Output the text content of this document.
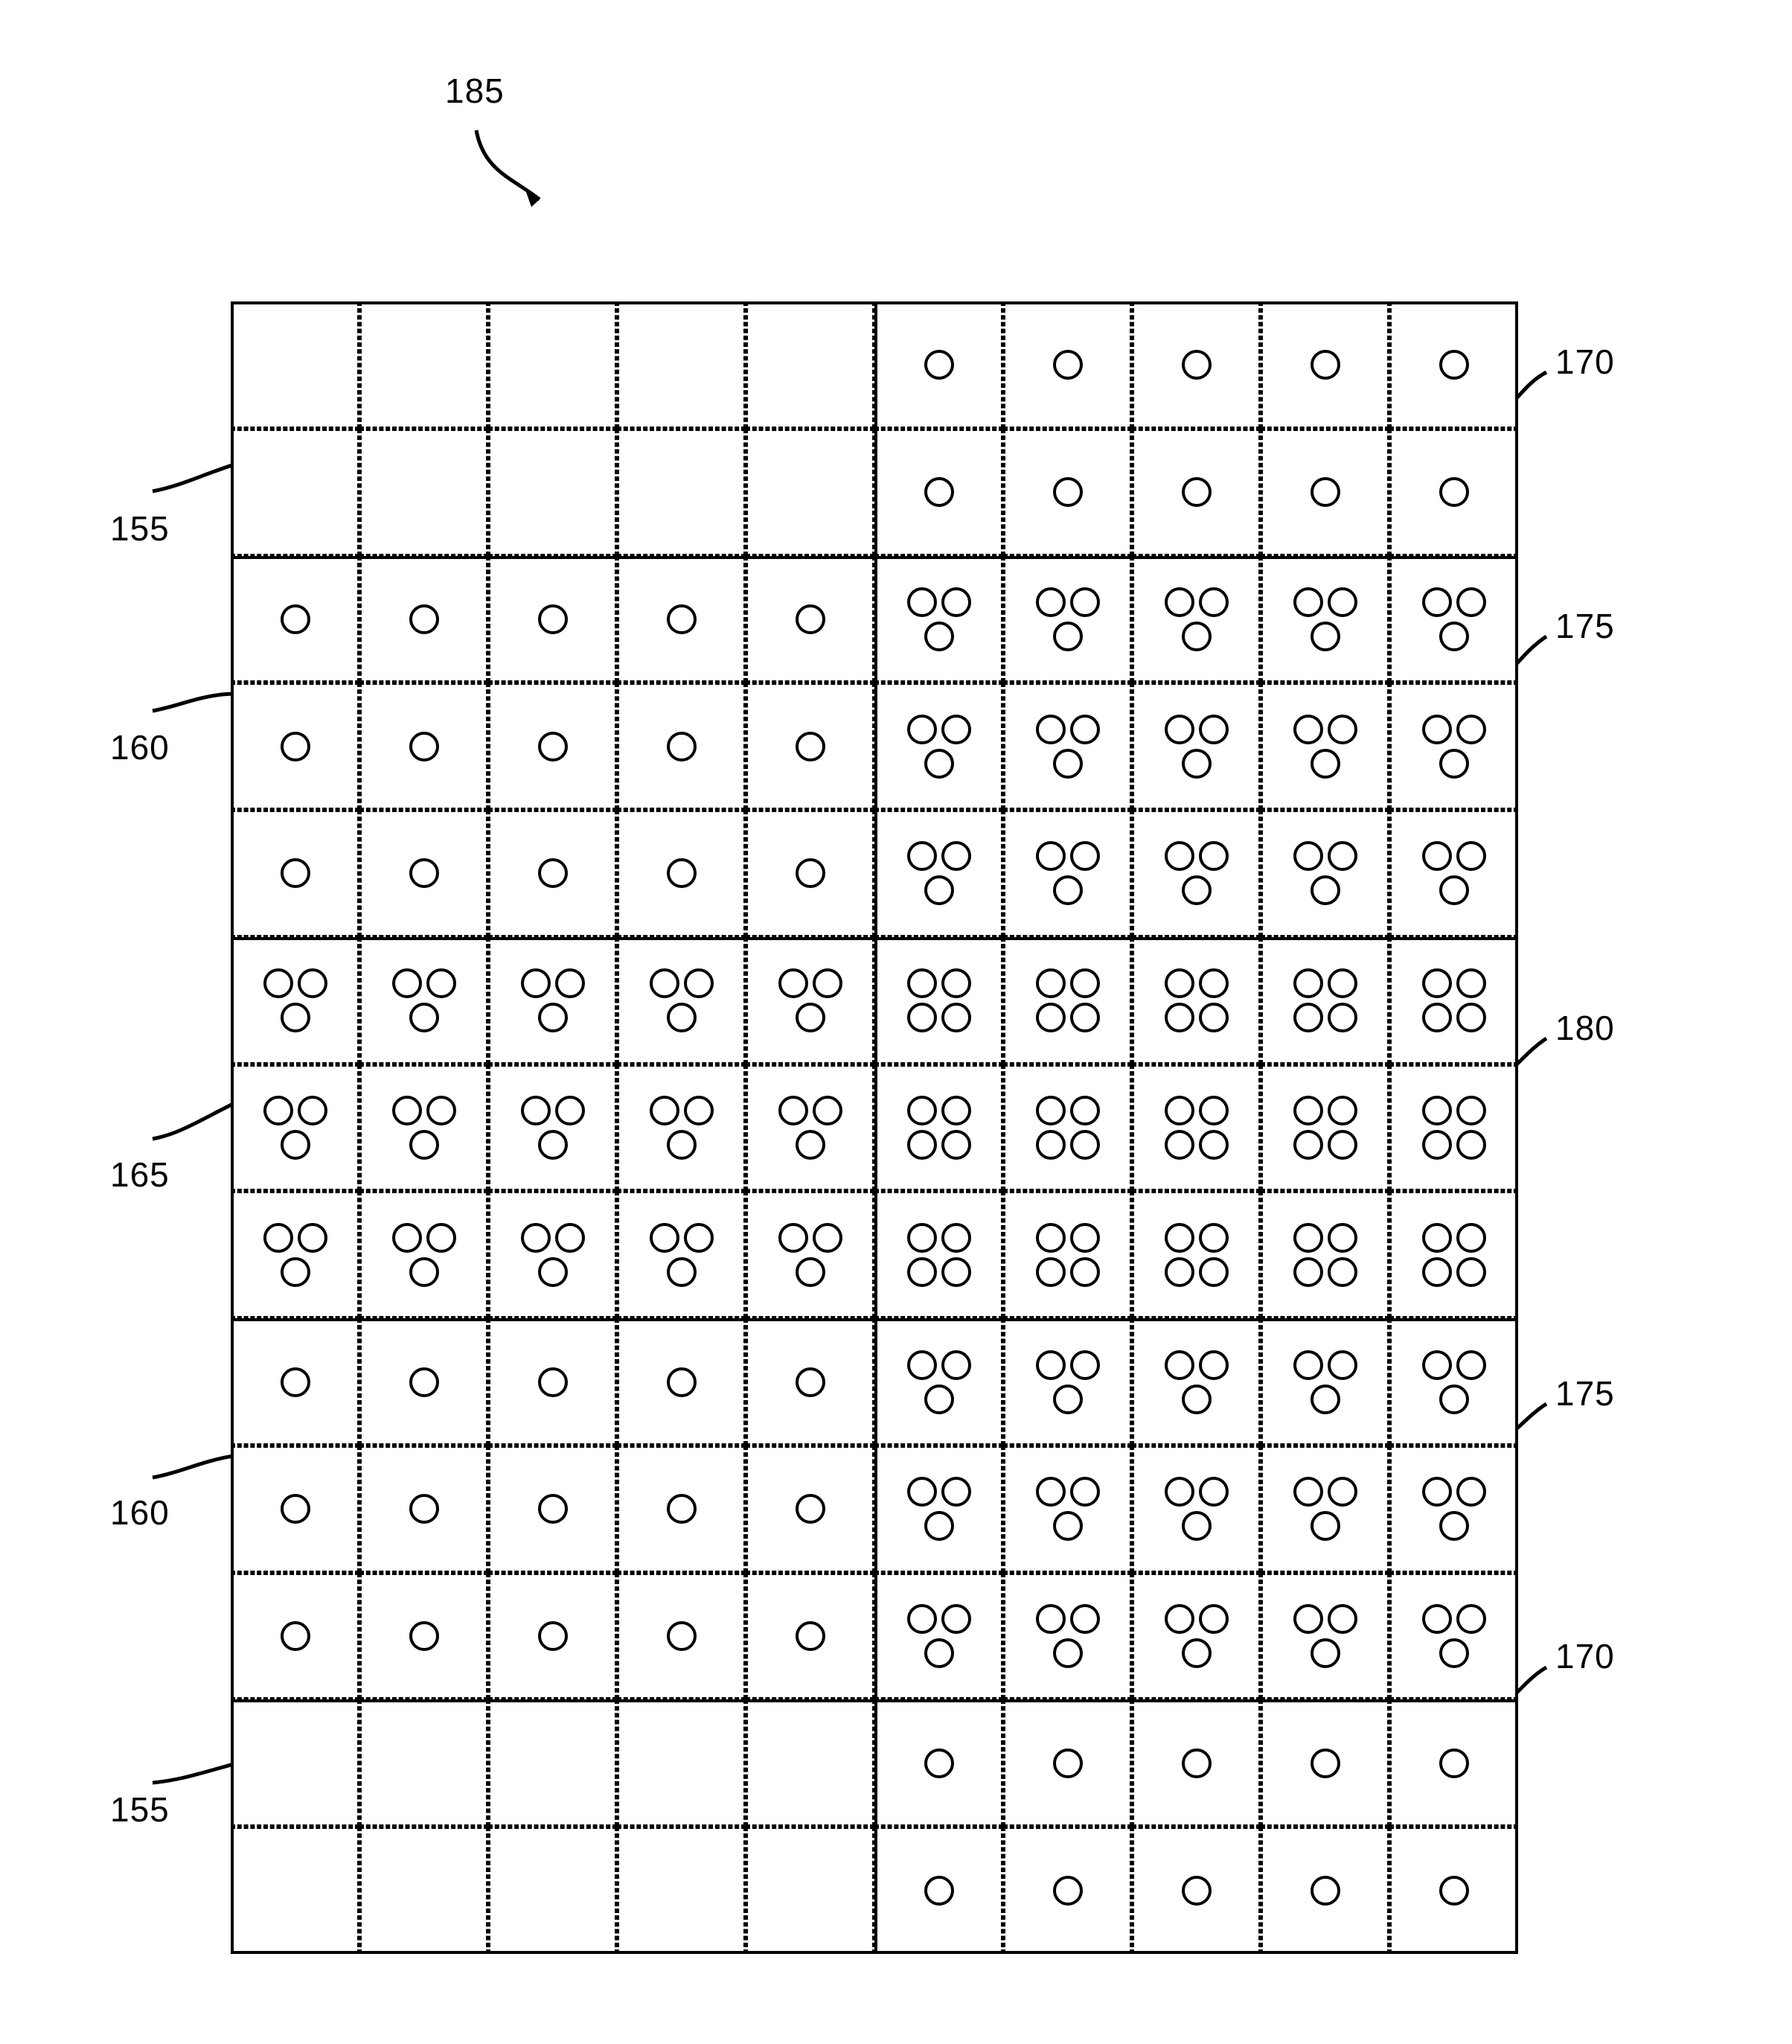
185
170
155
175
160
180
165
175
160
170
155
